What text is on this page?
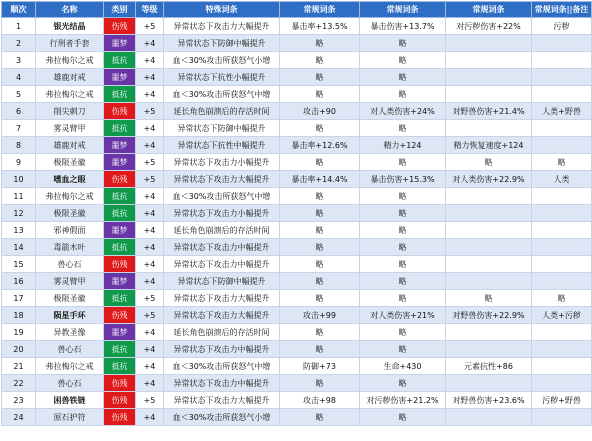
顺次	名称	类别	等级	特殊词条	常规词条	常规词条	常规词条	常规词条||备注
1	银光结晶	伤残	+5	异常状态下攻击力大幅提升	暴击率+13.5%	暴击伤害+13.7%	对污秽伤害+22%	污秽
2	行刑者手套	噩梦	+4	异常状态下防御中幅提升	略	略		
3	弗拉梅尔之戒	抵抗	+4	血＜30%攻击所获怒气小增	略	略		
4	雄鹿对戒	噩梦	+4	异常状态下抗性小幅提升	略	略		
5	弗拉梅尔之戒	抵抗	+4	血＜30%攻击所获怒气中增	略	略		
6	削尖刺刀	伤残	+5	延长角色崩溃后的存活时间	攻击+90	对人类伤害+24%	对野兽伤害+21.4%	人类+野兽
7	雾灵臂甲	抵抗	+4	异常状态下防御中幅提升	略	略		
8	雄鹿对戒	噩梦	+4	异常状态下抗性中幅提升	暴击率+12.6%	精力+124	精力恢复速度+124	
9	极限圣徽	噩梦	+5	异常状态下攻击力小幅提升	略	略	略	略
10	嗜血之眼	伤残	+5	异常状态下攻击力大幅提升	暴击率+14.4%	暴击伤害+15.3%	对人类伤害+22.9%	人类
11	弗拉梅尔之戒	抵抗	+4	血＜30%攻击所获怒气中增	略	略		
12	极限圣徽	抵抗	+4	异常状态下攻击力小幅提升	略	略		
13	邪神假面	噩梦	+4	延长角色崩溃后的存活时间	略	略		
14	毒箭木叶	抵抗	+4	异常状态下攻击力中幅提升	略	略		
15	兽心石	伤残	+4	异常状态下攻击力中幅提升	略	略		
16	雾灵臂甲	噩梦	+4	异常状态下防御中幅提升	略	略		
17	极限圣徽	抵抗	+5	异常状态下攻击力大幅提升	略	略	略	略
18	陨星手环	伤残	+5	异常状态下攻击力大幅提升	攻击+99	对人类伤害+21%	对野兽伤害+22.9%	人类+污秽
19	异教圣像	噩梦	+4	延长角色崩溃后的存活时间	略	略		
20	兽心石	抵抗	+4	异常状态下攻击力中幅提升	略	略		
21	弗拉梅尔之戒	抵抗	+4	血＜30%攻击所获怒气中增	防御+73	生命+430	元素抗性+86	
22	兽心石	伤残	+4	异常状态下攻击力中幅提升	略	略		
23	困兽铁链	伤残	+5	异常状态下攻击力大幅提升	攻击+98	对污秽伤害+21.2%	对野兽伤害+23.6%	污秽+野兽
24	原石护符	伤残	+4	血＜30%攻击所获怒气小增	略	略		
